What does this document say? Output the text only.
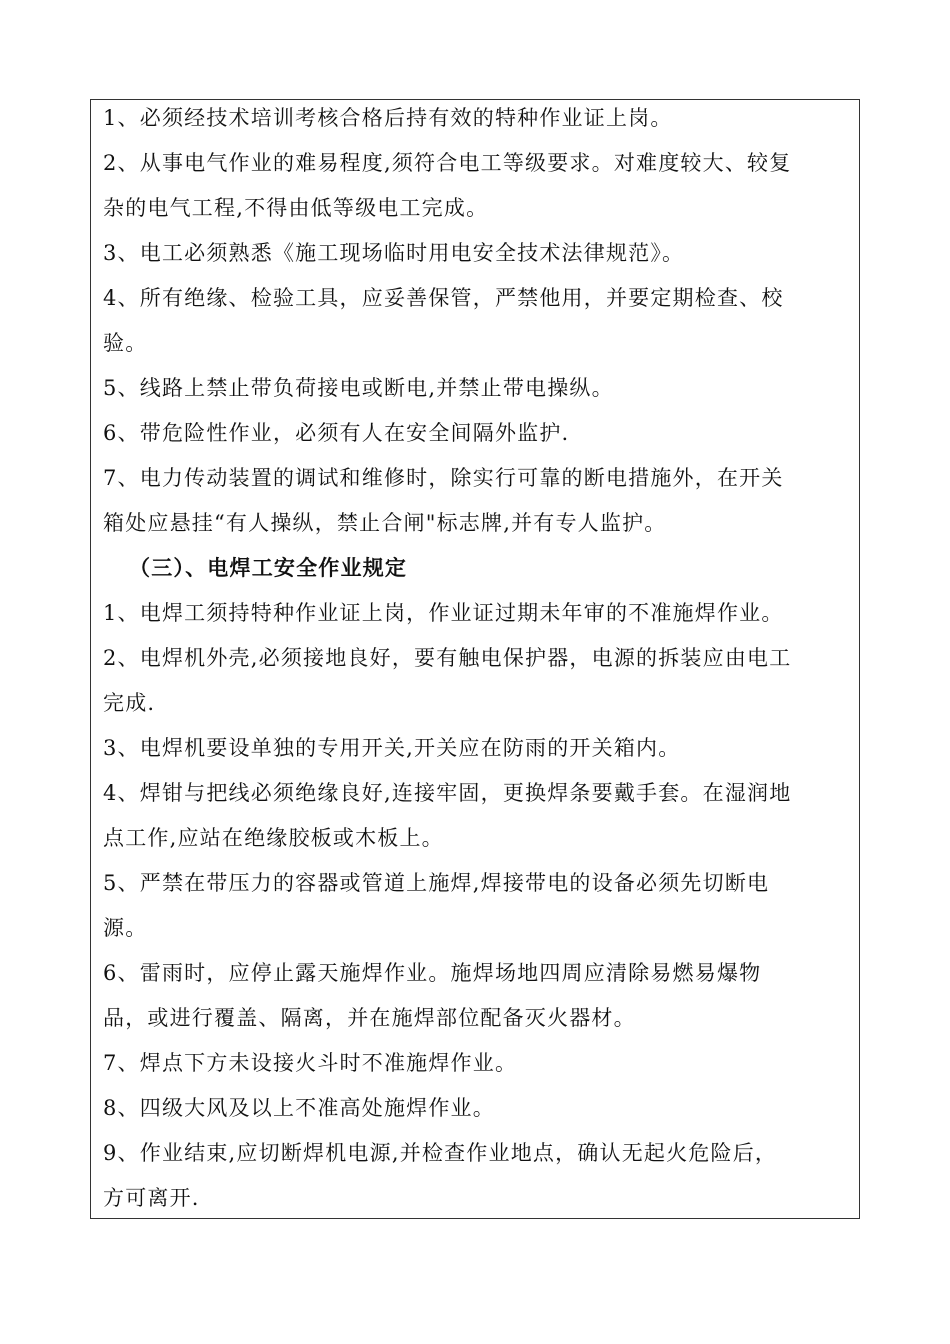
1、必须经技术培训考核合格后持有效的特种作业证上岗。
2、从事电气作业的难易程度,须符合电工等级要求。对难度较大、较复
杂的电气工程,不得由低等级电工完成。
3、电工必须熟悉《施工现场临时用电安全技术法律规范》。
4、所有绝缘、检验工具，应妥善保管，严禁他用，并要定期检查、校
验。
5、线路上禁止带负荷接电或断电,并禁止带电操纵。
6、带危险性作业，必须有人在安全间隔外监护.
7、电力传动装置的调试和维修时，除实行可靠的断电措施外，在开关
箱处应悬挂“有人操纵，禁止合闸"标志牌,并有专人监护。
（三）、电焊工安全作业规定
1、电焊工须持特种作业证上岗，作业证过期未年审的不准施焊作业。
2、电焊机外壳,必须接地良好，要有触电保护器，电源的拆装应由电工
完成.
3、电焊机要设单独的专用开关,开关应在防雨的开关箱内。
4、焊钳与把线必须绝缘良好,连接牢固，更换焊条要戴手套。在湿润地
点工作,应站在绝缘胶板或木板上。
5、严禁在带压力的容器或管道上施焊,焊接带电的设备必须先切断电
源。
6、雷雨时，应停止露天施焊作业。施焊场地四周应清除易燃易爆物
品，或进行覆盖、隔离，并在施焊部位配备灭火器材。
7、焊点下方未设接火斗时不准施焊作业。
8、四级大风及以上不准高处施焊作业。
9、作业结束,应切断焊机电源,并检查作业地点，确认无起火危险后，
方可离开.
